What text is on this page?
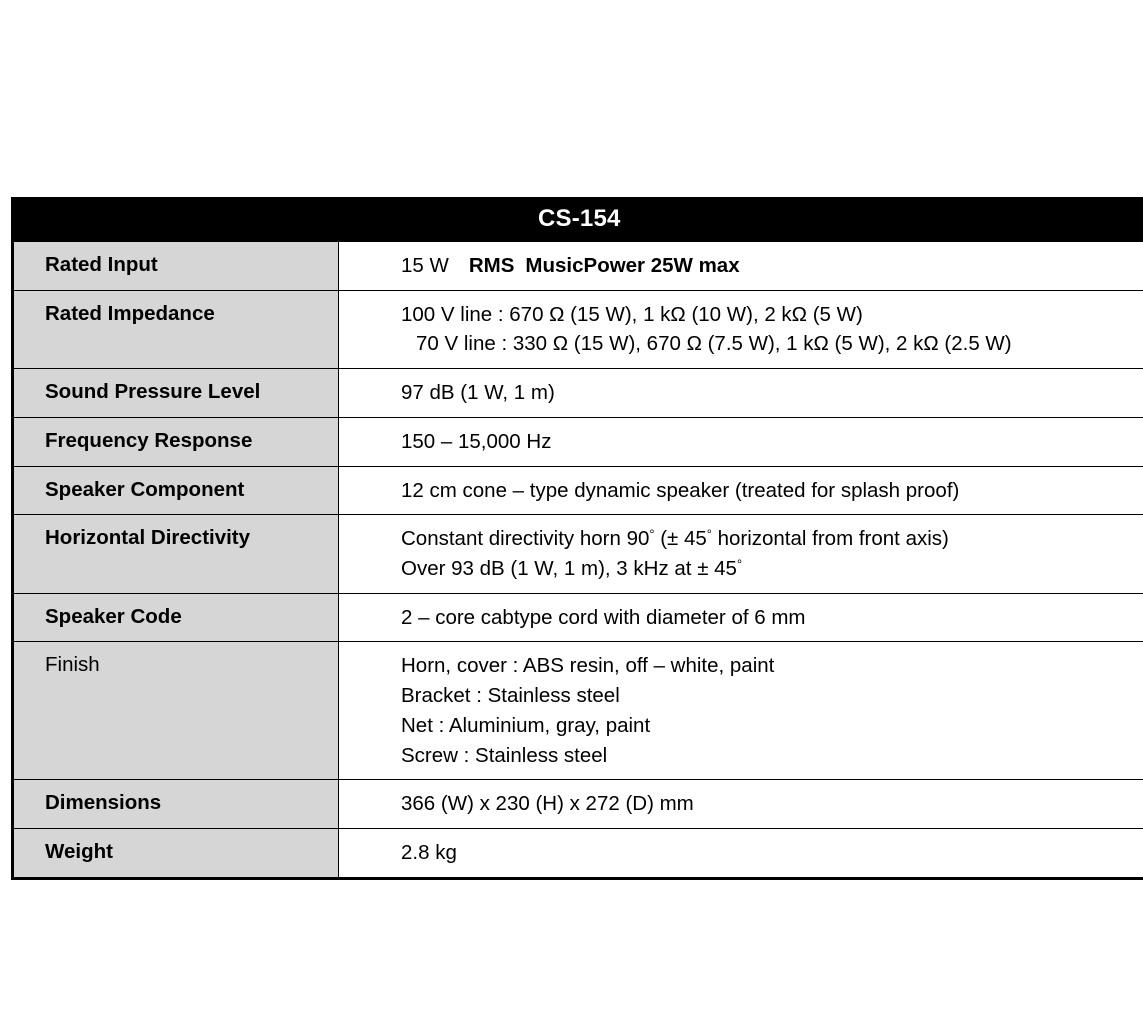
CS-154	
Rated Input	15 W RMS MusicPower 25W max

Rated Impedance	100 V line : 670 Ω (15 W), 1 kΩ (10 W), 2 kΩ (5 W)
70 V line : 330 Ω (15 W), 670 Ω (7.5 W), 1 kΩ (5 W), 2 kΩ (2.5 W)

Sound Pressure Level	97 dB (1 W, 1 m)

Frequency Response	150 – 15,000 Hz

Speaker Component	12 cm cone – type dynamic speaker (treated for splash proof)

Horizontal Directivity	Constant directivity horn 90° (± 45° horizontal from front axis)
Over 93 dB (1 W, 1 m), 3 kHz at ± 45°

Speaker Code	2 – core cabtype cord with diameter of 6 mm

Finish	Horn, cover : ABS resin, off – white, paint
Bracket : Stainless steel
Net : Aluminium, gray, paint
Screw : Stainless steel

Dimensions	366 (W) x 230 (H) x 272 (D) mm

Weight	2.8 kg
